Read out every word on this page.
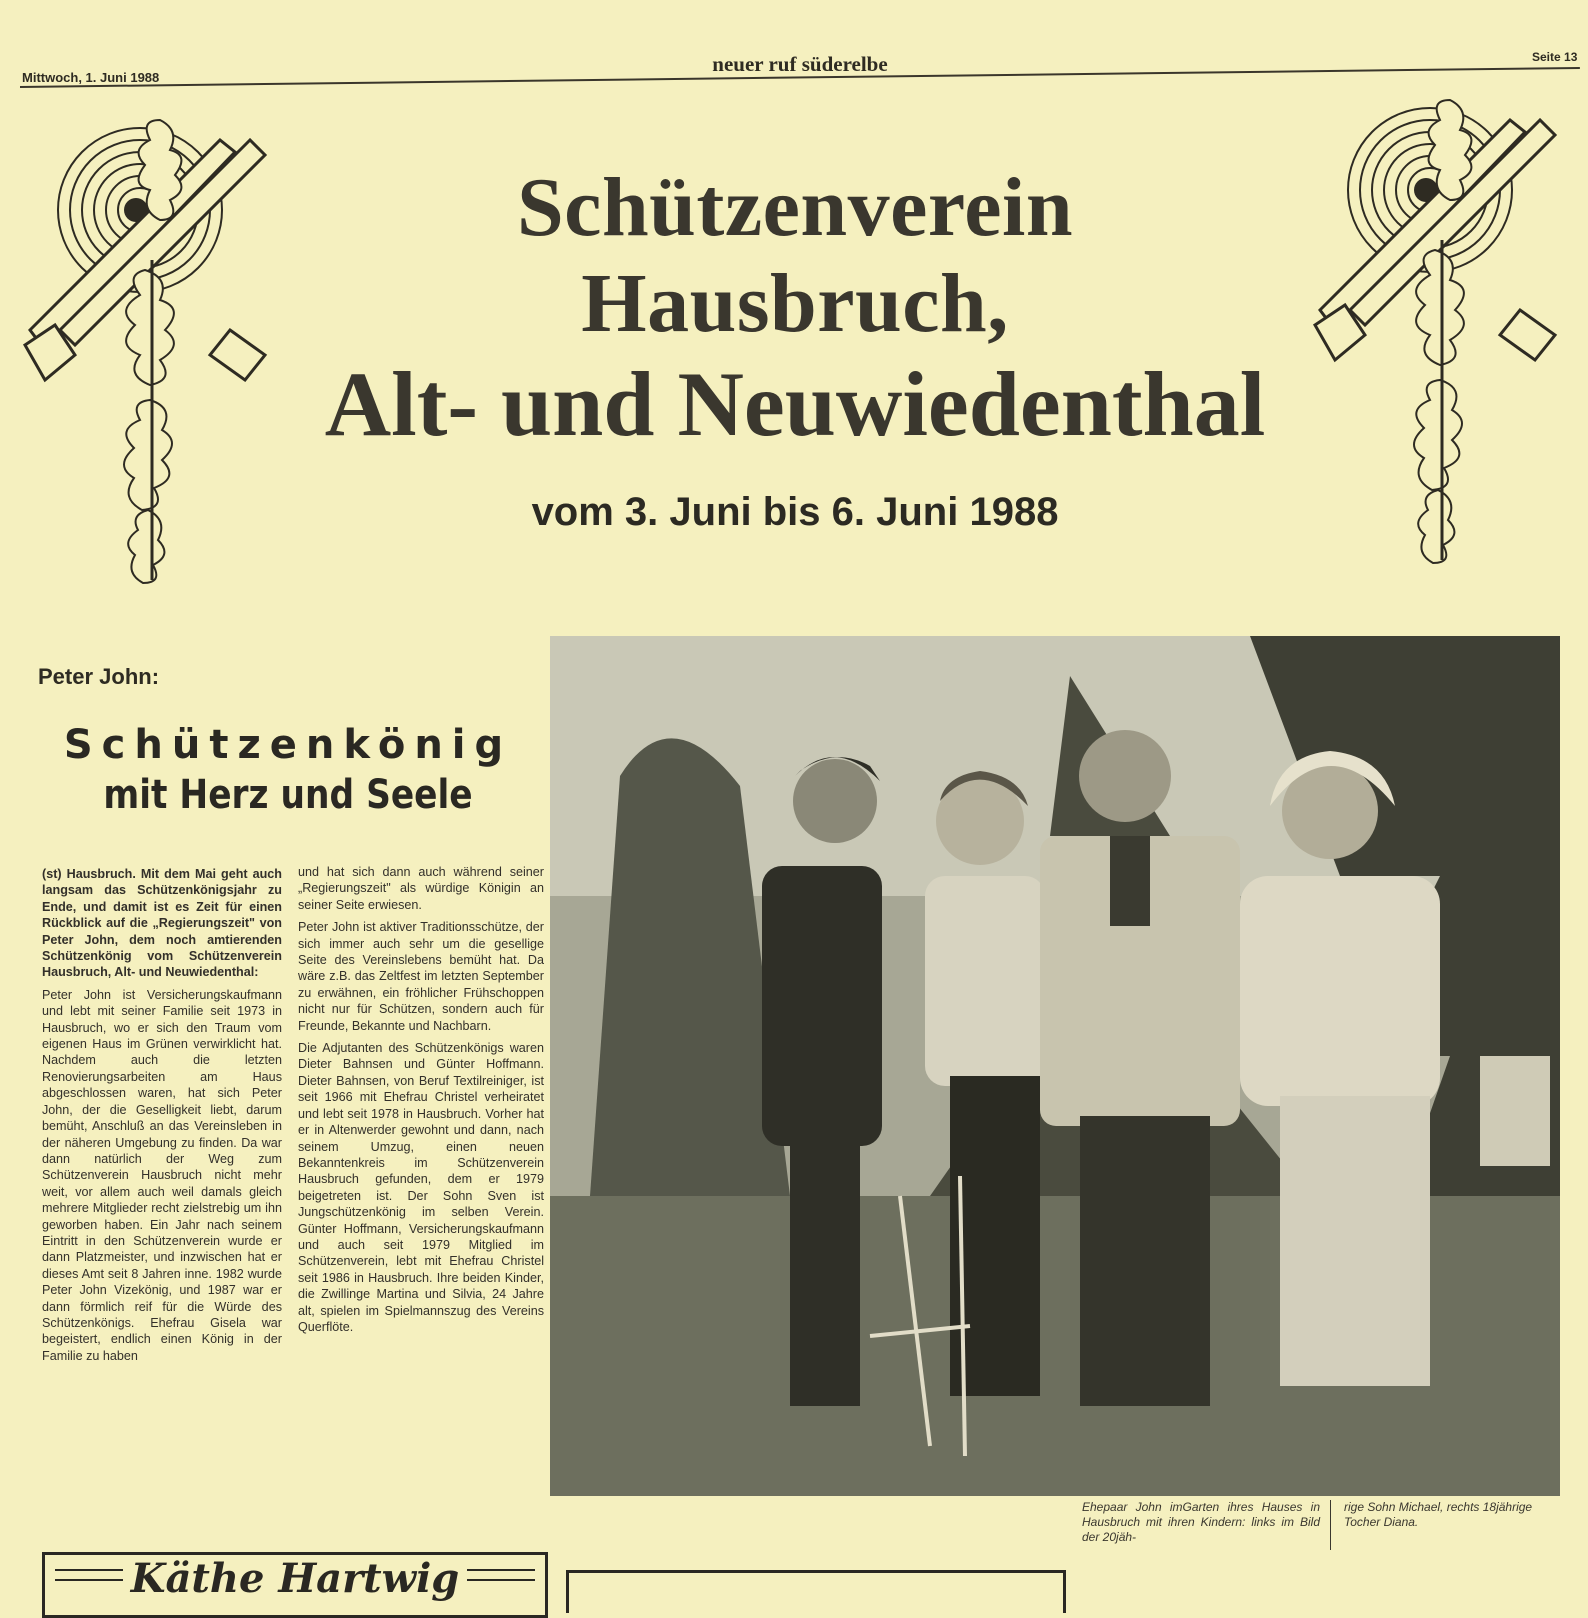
Mittwoch, 1. Juni 1988
neuer ruf süderelbe	Seite 13
Schützenverein
Hausbruch,
Alt- und Neuwiedenthal
vom 3. Juni bis 6. Juni 1988
Peter John:
Schützenkönig
mit Herz und Seele

(st) Hausbruch. Mit dem Mai geht auch langsam das Schützenkönigsjahr zu Ende, und damit ist es Zeit für einen Rückblick auf die „Regierungszeit" von Peter John, dem noch amtierenden Schützenkönig vom Schützenverein Hausbruch, Alt- und Neuwiedenthal:

Peter John ist Versicherungskaufmann und lebt mit seiner Familie seit 1973 in Hausbruch, wo er sich den Traum vom eigenen Haus im Grünen verwirklicht hat. Nachdem auch die letzten Renovierungsarbeiten am Haus abgeschlossen waren, hat sich Peter John, der die Geselligkeit liebt, darum bemüht, Anschluß an das Vereinsleben in der näheren Umgebung zu finden. Da war dann natürlich der Weg zum Schützenverein Hausbruch nicht mehr weit, vor allem auch weil damals gleich mehrere Mitglieder recht zielstrebig um ihn geworben haben. Ein Jahr nach seinem Eintritt in den Schützenverein wurde er dann Platzmeister, und inzwischen hat er dieses Amt seit 8 Jahren inne. 1982 wurde Peter John Vizekönig, und 1987 war er dann förmlich reif für die Würde des Schützenkönigs. Ehefrau Gisela war begeistert, endlich einen König in der Familie zu haben

und hat sich dann auch während seiner „Regierungszeit" als würdige Königin an seiner Seite erwiesen.

Peter John ist aktiver Traditionsschütze, der sich immer auch sehr um die gesellige Seite des Vereinslebens bemüht hat. Da wäre z.B. das Zeltfest im letzten September zu erwähnen, ein fröhlicher Frühschoppen nicht nur für Schützen, sondern auch für Freunde, Bekannte und Nachbarn.

Die Adjutanten des Schützenkönigs waren Dieter Bahnsen und Günter Hoffmann. Dieter Bahnsen, von Beruf Textilreiniger, ist seit 1966 mit Ehefrau Christel verheiratet und lebt seit 1978 in Hausbruch. Vorher hat er in Altenwerder gewohnt und dann, nach seinem Umzug, einen neuen Bekanntenkreis im Schützenverein Hausbruch gefunden, dem er 1979 beigetreten ist. Der Sohn Sven ist Jungschützenkönig im selben Verein. Günter Hoffmann, Versicherungskaufmann und auch seit 1979 Mitglied im Schützenverein, lebt mit Ehefrau Christel seit 1986 in Hausbruch. Ihre beiden Kinder, die Zwillinge Martina und Silvia, 24 Jahre alt, spielen im Spielmannszug des Vereins Querflöte.

Ehepaar John imGarten ihres Hauses in Hausbruch mit ihren Kindern: links im Bild der 20jäh-
rige Sohn Michael, rechts 18jährige Tocher Diana.
Käthe Hartwig
